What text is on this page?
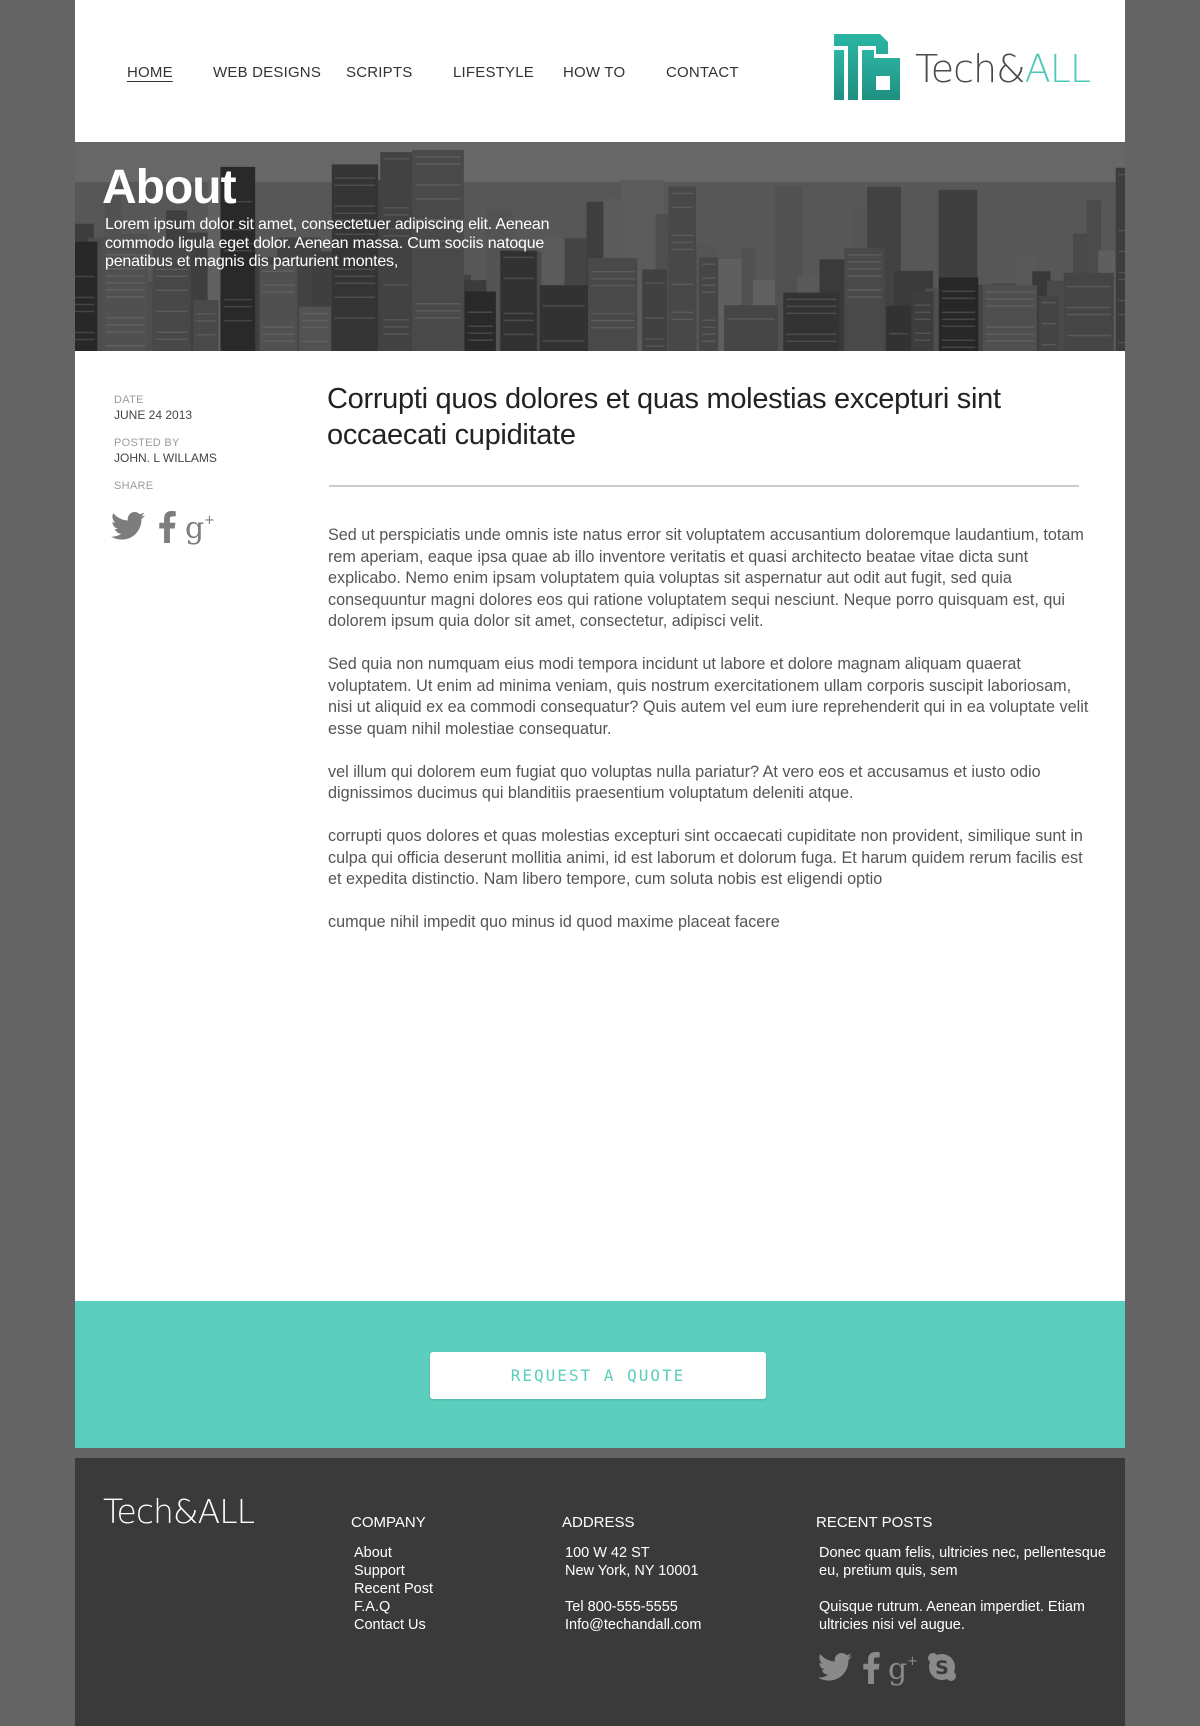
HOME	WEB DESIGNS SCRIPTS	LIFESTYLE HOW TO	CONTACT	Tech&ALL
About
Lorem ipsum dolor sit amet, consectetuer adipiscing elit. Aenean commodo ligula eget dolor. Aenean massa. Cum sociis natoque penatibus et magnis dis parturient montes,
DATE
JUNE 24 2013
POSTED BY
JOHN. L WILLAMS
SHARE
g +
Corrupti quos dolores et quas molestias excepturi sint occaecati cupiditate

Sed ut perspiciatis unde omnis iste natus error sit voluptatem accusantium doloremque laudantium, totam rem aperiam, eaque ipsa quae ab illo inventore veritatis et quasi architecto beatae vitae dicta sunt explicabo. Nemo enim ipsam voluptatem quia voluptas sit aspernatur aut odit aut fugit, sed quia consequuntur magni dolores eos qui ratione voluptatem sequi nesciunt. Neque porro quisquam est, qui dolorem ipsum quia dolor sit amet, consectetur, adipisci velit.

Sed quia non numquam eius modi tempora incidunt ut labore et dolore magnam aliquam quaerat voluptatem. Ut enim ad minima veniam, quis nostrum exercitationem ullam corporis suscipit laboriosam, nisi ut aliquid ex ea commodi consequatur? Quis autem vel eum iure reprehenderit qui in ea voluptate velit esse quam nihil molestiae consequatur.

vel illum qui dolorem eum fugiat quo voluptas nulla pariatur? At vero eos et accusamus et iusto odio dignissimos ducimus qui blanditiis praesentium voluptatum deleniti atque.

corrupti quos dolores et quas molestias excepturi sint occaecati cupiditate non provident, similique sunt in culpa qui officia deserunt mollitia animi, id est laborum et dolorum fuga. Et harum quidem rerum facilis est et expedita distinctio. Nam libero tempore, cum soluta nobis est eligendi optio

cumque nihil impedit quo minus id quod maxime placeat facere

REQUEST A QUOTE
Tech&ALL	COMPANY
About
Support
Recent Post
F.A.Q
Contact Us
ADDRESS
100 W 42 ST
New York, NY 10001
Tel 800-555-5555
Info@techandall.com
RECENT POSTS
Donec quam felis, ultricies nec, pellentesque eu, pretium quis, sem
Quisque rutrum. Aenean imperdiet. Etiam ultricies nisi vel augue.
g + S
